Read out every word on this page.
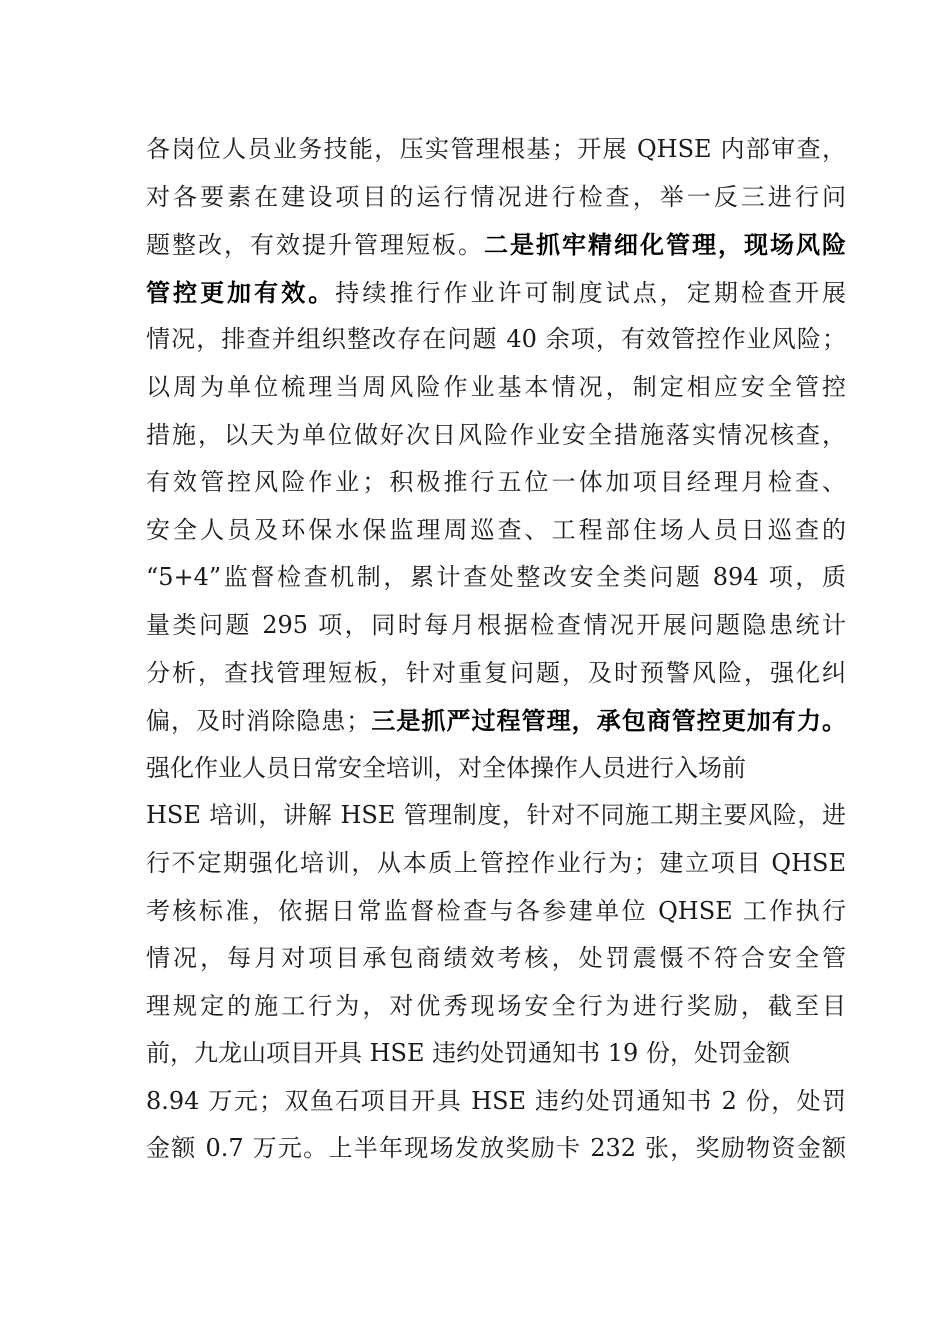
各岗位人员业务技能，压实管理根基；开展 QHSE 内部审查，
对各要素在建设项目的运行情况进行检查，举一反三进行问
题整改，有效提升管理短板。二是抓牢精细化管理，现场风险
管控更加有效。持续推行作业许可制度试点，定期检查开展
情况，排查并组织整改存在问题 40 余项，有效管控作业风险；
以周为单位梳理当周风险作业基本情况，制定相应安全管控
措施，以天为单位做好次日风险作业安全措施落实情况核查，
有效管控风险作业；积极推行五位一体加项目经理月检查、
安全人员及环保水保监理周巡查、工程部住场人员日巡查的
“5+4”监督检查机制，累计查处整改安全类问题 894 项，质
量类问题 295 项，同时每月根据检查情况开展问题隐患统计
分析，查找管理短板，针对重复问题，及时预警风险，强化纠
偏，及时消除隐患；三是抓严过程管理，承包商管控更加有力。
强化作业人员日常安全培训，对全体操作人员进行入场前
HSE 培训，讲解 HSE 管理制度，针对不同施工期主要风险，进
行不定期强化培训，从本质上管控作业行为；建立项目 QHSE
考核标准，依据日常监督检查与各参建单位 QHSE 工作执行
情况，每月对项目承包商绩效考核，处罚震慑不符合安全管
理规定的施工行为，对优秀现场安全行为进行奖励，截至目
前，九龙山项目开具 HSE 违约处罚通知书 19 份，处罚金额
8.94 万元；双鱼石项目开具 HSE 违约处罚通知书 2 份，处罚
金额 0.7 万元。上半年现场发放奖励卡 232 张，奖励物资金额
